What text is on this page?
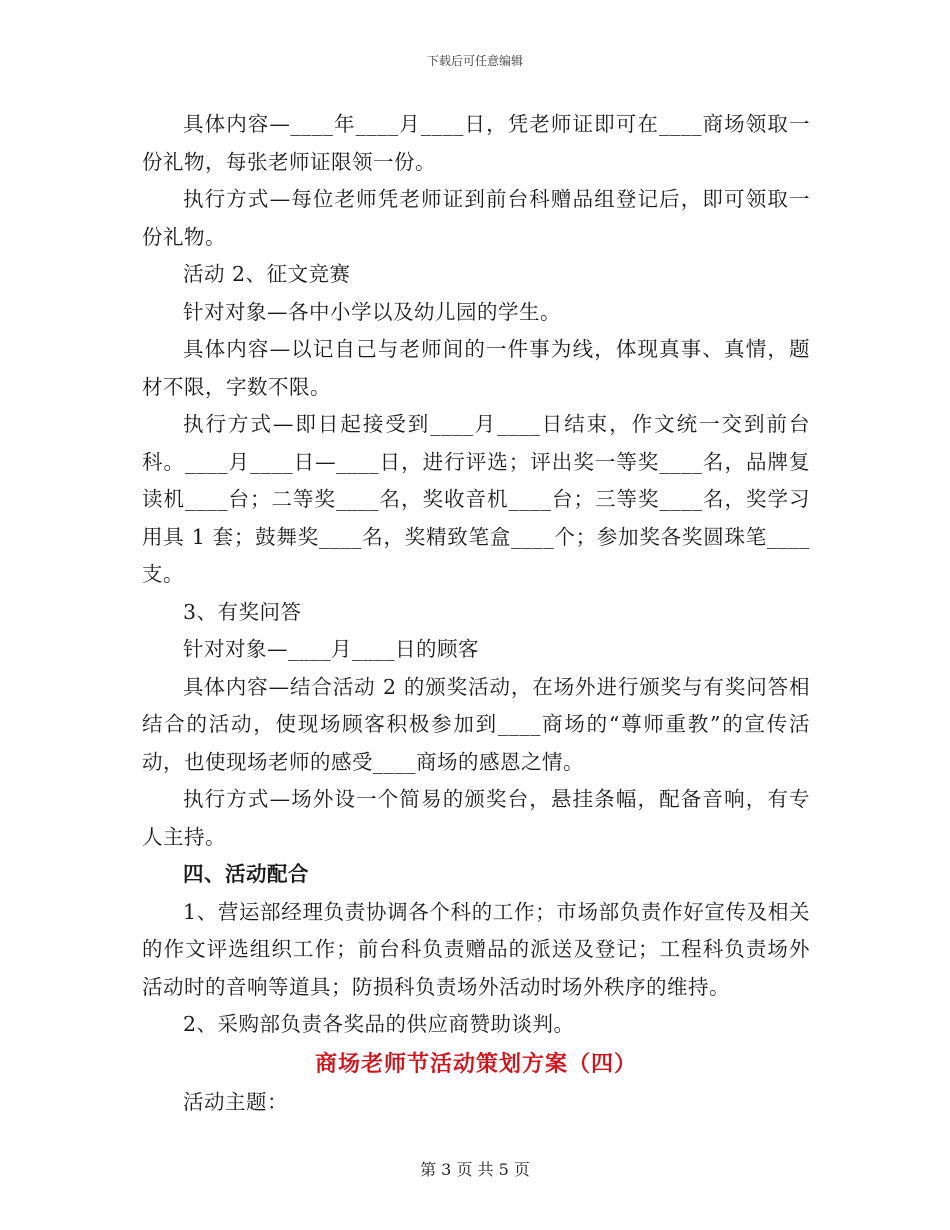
下载后可任意编辑

具体内容—____年____月____日，凭老师证即可在____商场领取一份礼物，每张老师证限领一份。

执行方式—每位老师凭老师证到前台科赠品组登记后，即可领取一份礼物。

活动 2、征文竞赛

针对对象—各中小学以及幼儿园的学生。

具体内容—以记自己与老师间的一件事为线，体现真事、真情，题材不限，字数不限。

执行方式—即日起接受到____月____日结束，作文统一交到前台科。____月____日—____日，进行评选；评出奖一等奖____名，品牌复读机____台；二等奖____名，奖收音机____台；三等奖____名，奖学习用具 1 套；鼓舞奖____名，奖精致笔盒____个；参加奖各奖圆珠笔____支。

3、有奖问答

针对对象—____月____日的顾客

具体内容—结合活动 2 的颁奖活动，在场外进行颁奖与有奖问答相结合的活动，使现场顾客积极参加到____商场的“尊师重教”的宣传活动，也使现场老师的感受____商场的感恩之情。

执行方式—场外设一个简易的颁奖台，悬挂条幅，配备音响，有专人主持。

四、活动配合

1、营运部经理负责协调各个科的工作；市场部负责作好宣传及相关的作文评选组织工作；前台科负责赠品的派送及登记；工程科负责场外活动时的音响等道具；防损科负责场外活动时场外秩序的维持。

2、采购部负责各奖品的供应商赞助谈判。

商场老师节活动策划方案（四）

活动主题：

第 3 页 共 5 页
